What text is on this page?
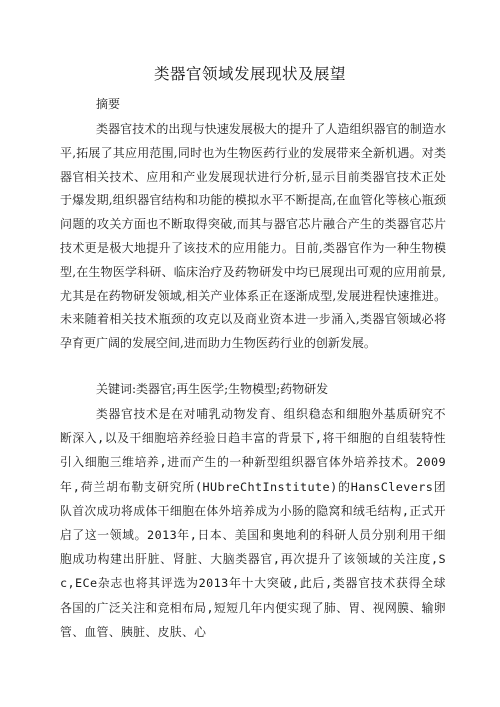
类器官领域发展现状及展望
摘要

类器官技术的出现与快速发展极大的提升了人造组织器官的制造水平,拓展了其应用范围,同时也为生物医药行业的发展带来全新机遇。对类器官相关技术、应用和产业发展现状进行分析,显示目前类器官技术正处于爆发期,组织器官结构和功能的模拟水平不断提高,在血管化等核心瓶颈问题的攻关方面也不断取得突破,而其与器官芯片融合产生的类器官芯片技术更是极大地提升了该技术的应用能力。目前,类器官作为一种生物模型,在生物医学科研、临床治疗及药物研发中均已展现出可观的应用前景,尤其是在药物研发领域,相关产业体系正在逐渐成型,发展进程快速推进。未来随着相关技术瓶颈的攻克以及商业资本进一步涌入,类器官领域必将孕育更广阔的发展空间,进而助力生物医药行业的创新发展。

关键词:类器官;再生医学;生物模型;药物研发

类器官技术是在对哺乳动物发育、组织稳态和细胞外基质研究不断深入,以及干细胞培养经验日趋丰富的背景下,将干细胞的自组装特性引入细胞三维培养,进而产生的一种新型组织器官体外培养技术。2009年,荷兰胡布勒支研究所(HUbreChtInstitute)的HansClevers团队首次成功将成体干细胞在体外培养成为小肠的隐窝和绒毛结构,正式开启了这一领域。2013年,日本、美国和奥地利的科研人员分别利用干细胞成功构建出肝脏、肾脏、大脑类器官,再次提升了该领域的关注度,Sc,ECe杂志也将其评选为2013年十大突破,此后,类器官技术获得全球各国的广泛关注和竞相布局,短短几年内便实现了肺、胃、视网膜、输卵管、血管、胰脏、皮肤、心
